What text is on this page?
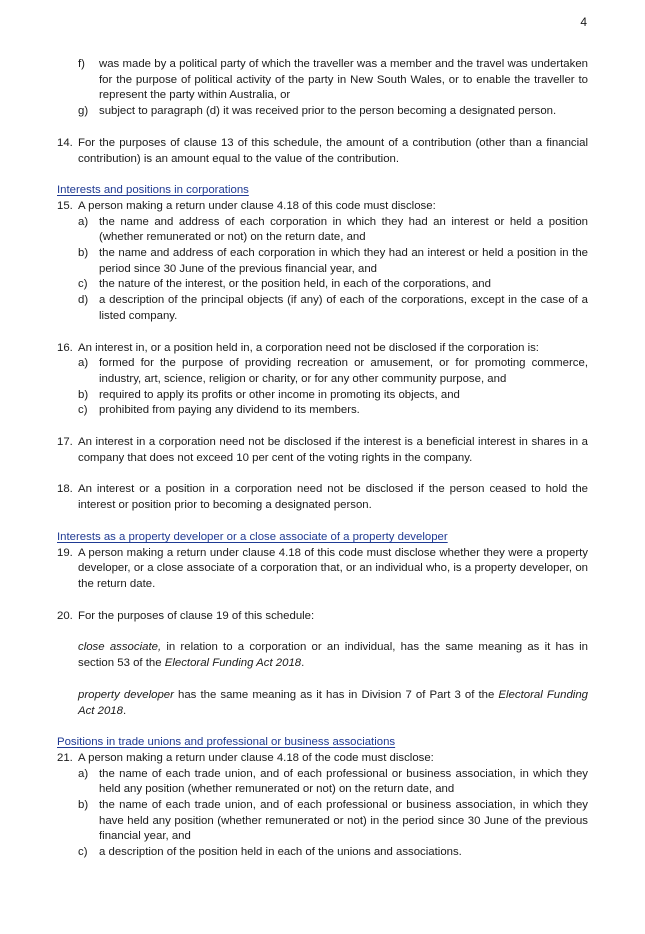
4
f) was made by a political party of which the traveller was a member and the travel was undertaken for the purpose of political activity of the party in New South Wales, or to enable the traveller to represent the party within Australia, or
g) subject to paragraph (d) it was received prior to the person becoming a designated person.
14. For the purposes of clause 13 of this schedule, the amount of a contribution (other than a financial contribution) is an amount equal to the value of the contribution.
Interests and positions in corporations
15. A person making a return under clause 4.18 of this code must disclose:
a) the name and address of each corporation in which they had an interest or held a position (whether remunerated or not) on the return date, and
b) the name and address of each corporation in which they had an interest or held a position in the period since 30 June of the previous financial year, and
c) the nature of the interest, or the position held, in each of the corporations, and
d) a description of the principal objects (if any) of each of the corporations, except in the case of a listed company.
16. An interest in, or a position held in, a corporation need not be disclosed if the corporation is:
a) formed for the purpose of providing recreation or amusement, or for promoting commerce, industry, art, science, religion or charity, or for any other community purpose, and
b) required to apply its profits or other income in promoting its objects, and
c) prohibited from paying any dividend to its members.
17. An interest in a corporation need not be disclosed if the interest is a beneficial interest in shares in a company that does not exceed 10 per cent of the voting rights in the company.
18. An interest or a position in a corporation need not be disclosed if the person ceased to hold the interest or position prior to becoming a designated person.
Interests as a property developer or a close associate of a property developer
19. A person making a return under clause 4.18 of this code must disclose whether they were a property developer, or a close associate of a corporation that, or an individual who, is a property developer, on the return date.
20. For the purposes of clause 19 of this schedule:
close associate, in relation to a corporation or an individual, has the same meaning as it has in section 53 of the Electoral Funding Act 2018.
property developer has the same meaning as it has in Division 7 of Part 3 of the Electoral Funding Act 2018.
Positions in trade unions and professional or business associations
21. A person making a return under clause 4.18 of the code must disclose:
a) the name of each trade union, and of each professional or business association, in which they held any position (whether remunerated or not) on the return date, and
b) the name of each trade union, and of each professional or business association, in which they have held any position (whether remunerated or not) in the period since 30 June of the previous financial year, and
c) a description of the position held in each of the unions and associations.
